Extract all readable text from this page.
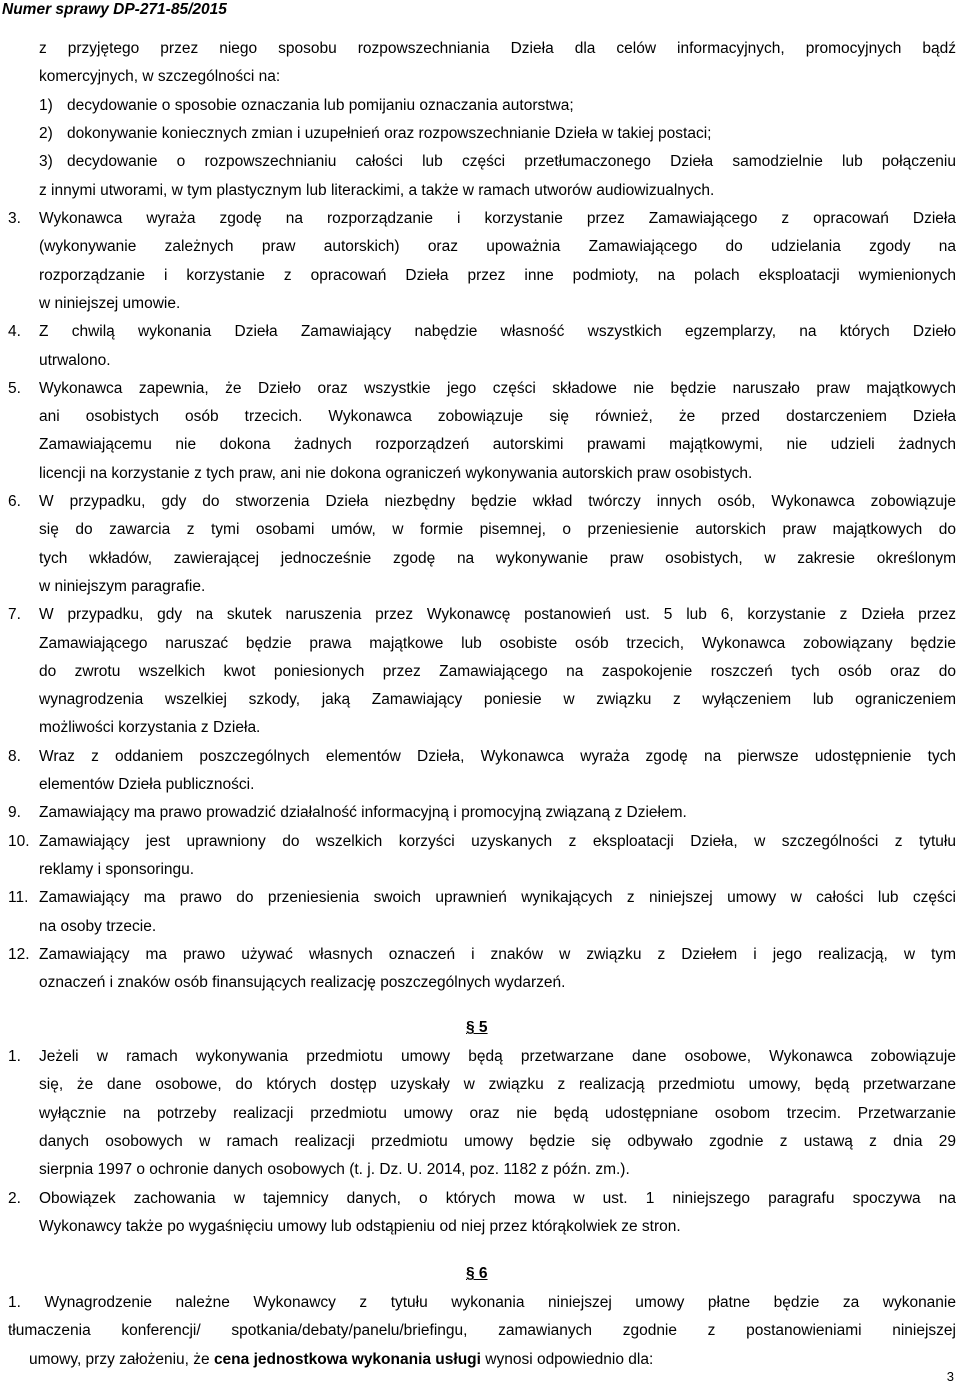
Numer sprawy DP-271-85/2015
z przyjętego przez niego sposobu rozpowszechniania Dzieła dla celów informacyjnych, promocyjnych bądź
komercyjnych, w szczególności na:
1) decydowanie o sposobie oznaczania lub pomijaniu oznaczania autorstwa;
2) dokonywanie koniecznych zmian i uzupełnień oraz rozpowszechnianie Dzieła w takiej postaci;
3) decydowanie o rozpowszechnianiu całości lub części przetłumaczonego Dzieła samodzielnie lub połączeniu
z innymi utworami, w tym plastycznym lub literackimi, a także w ramach utworów audiowizualnych.
3. Wykonawca wyraża zgodę na rozporządzanie i korzystanie przez Zamawiającego z opracowań Dzieła
(wykonywanie zależnych praw autorskich) oraz upoważnia Zamawiającego do udzielania zgody na
rozporządzanie i korzystanie z opracowań Dzieła przez inne podmioty, na polach eksploatacji wymienionych
w niniejszej umowie.
4. Z chwilą wykonania Dzieła Zamawiający nabędzie własność wszystkich egzemplarzy, na których Dzieło
utrwalono.
5. Wykonawca zapewnia, że Dzieło oraz wszystkie jego części składowe nie będzie naruszało praw majątkowych
ani osobistych osób trzecich. Wykonawca zobowiązuje się również, że przed dostarczeniem Dzieła
Zamawiającemu nie dokona żadnych rozporządzeń autorskimi prawami majątkowymi, nie udzieli żadnych
licencji na korzystanie z tych praw, ani nie dokona ograniczeń wykonywania autorskich praw osobistych.
6. W przypadku, gdy do stworzenia Dzieła niezbędny będzie wkład twórczy innych osób, Wykonawca zobowiązuje
się do zawarcia z tymi osobami umów, w formie pisemnej, o przeniesienie autorskich praw majątkowych do
tych wkładów, zawierającej jednocześnie zgodę na wykonywanie praw osobistych, w zakresie określonym
w niniejszym paragrafie.
7. W przypadku, gdy na skutek naruszenia przez Wykonawcę postanowień ust. 5 lub 6, korzystanie z Dzieła przez
Zamawiającego naruszać będzie prawa majątkowe lub osobiste osób trzecich, Wykonawca zobowiązany będzie
do zwrotu wszelkich kwot poniesionych przez Zamawiającego na zaspokojenie roszczeń tych osób oraz do
wynagrodzenia wszelkiej szkody, jaką Zamawiający poniesie w związku z wyłączeniem lub ograniczeniem
możliwości korzystania z Dzieła.
8. Wraz z oddaniem poszczególnych elementów Dzieła, Wykonawca wyraża zgodę na pierwsze udostępnienie tych
elementów Dzieła publiczności.
9. Zamawiający ma prawo prowadzić działalność informacyjną i promocyjną związaną z Dziełem.
10. Zamawiający jest uprawniony do wszelkich korzyści uzyskanych z eksploatacji Dzieła, w szczególności z tytułu
reklamy i sponsoringu.
11. Zamawiający ma prawo do przeniesienia swoich uprawnień wynikających z niniejszej umowy w całości lub części
na osoby trzecie.
12. Zamawiający ma prawo używać własnych oznaczeń i znaków w związku z Dziełem i jego realizacją, w tym
oznaczeń i znaków osób finansujących realizację poszczególnych wydarzeń.
§ 5
1. Jeżeli w ramach wykonywania przedmiotu umowy będą przetwarzane dane osobowe, Wykonawca zobowiązuje
się, że dane osobowe, do których dostęp uzyskały w związku z realizacją przedmiotu umowy, będą przetwarzane
wyłącznie na potrzeby realizacji przedmiotu umowy oraz nie będą udostępniane osobom trzecim. Przetwarzanie
danych osobowych w ramach realizacji przedmiotu umowy będzie się odbywało zgodnie z ustawą z dnia 29
sierpnia 1997 o ochronie danych osobowych (t. j. Dz. U. 2014, poz. 1182 z późn. zm.).
2. Obowiązek zachowania w tajemnicy danych, o których mowa w ust. 1 niniejszego paragrafu spoczywa na
Wykonawcy także po wygaśnięciu umowy lub odstąpieniu od niej przez którąkolwiek ze stron.
§ 6
1. Wynagrodzenie należne Wykonawcy z tytułu wykonania niniejszej umowy płatne będzie za wykonanie
tłumaczenia konferencji/ spotkania/debaty/panelu/briefingu, zamawianych zgodnie z postanowieniami niniejszej
umowy, przy założeniu, że cena jednostkowa wykonania usługi wynosi odpowiednio dla:
3
